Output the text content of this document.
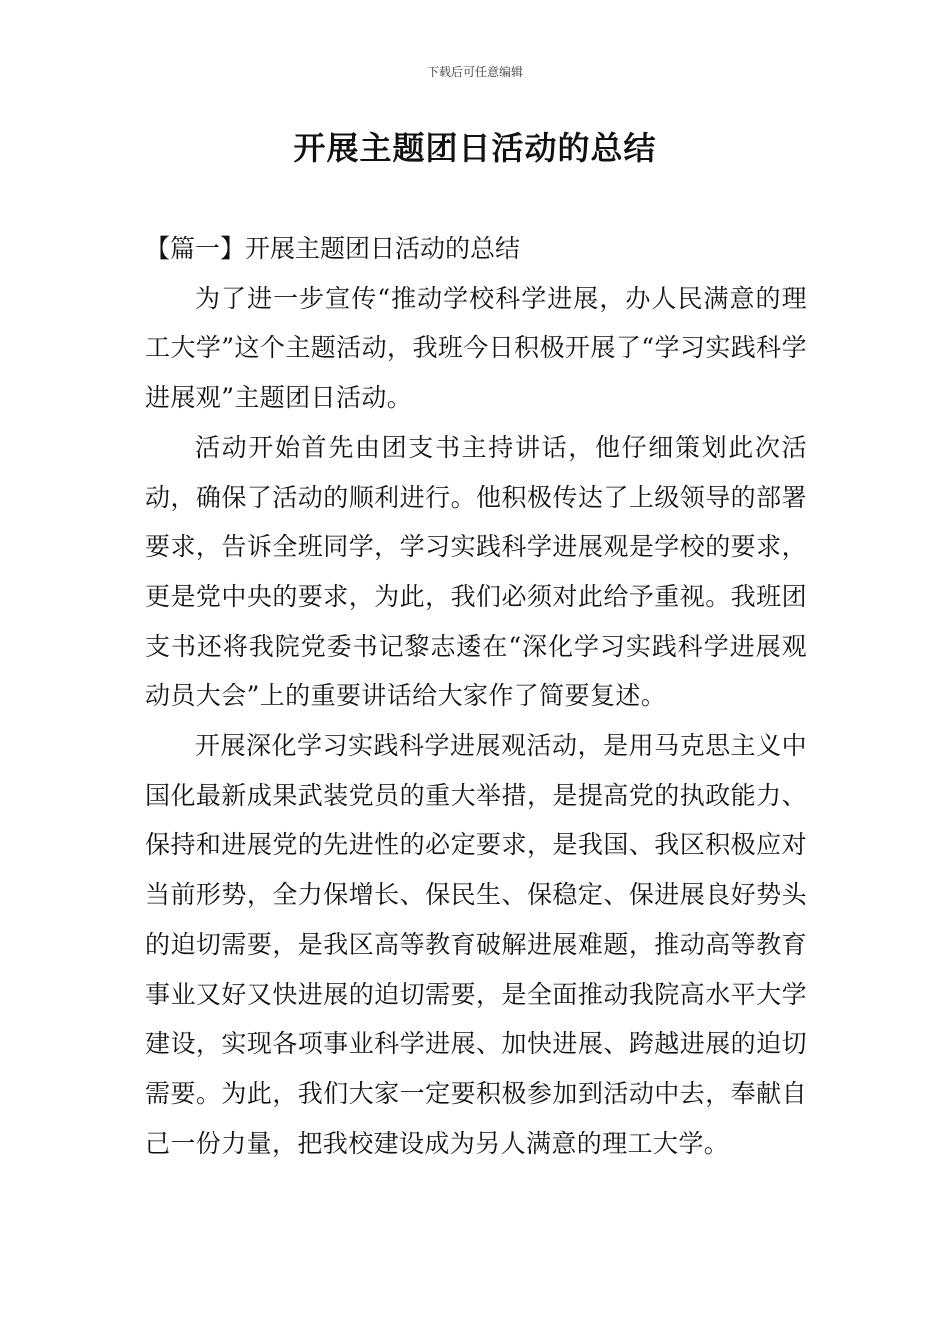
下载后可任意编辑
开展主题团日活动的总结

【篇一】开展主题团日活动的总结

为了进一步宣传“推动学校科学进展，办人民满意的理工大学”这个主题活动，我班今日积极开展了“学习实践科学进展观”主题团日活动。

活动开始首先由团支书主持讲话，他仔细策划此次活动，确保了活动的顺利进行。他积极传达了上级领导的部署要求，告诉全班同学，学习实践科学进展观是学校的要求，更是党中央的要求，为此，我们必须对此给予重视。我班团支书还将我院党委书记黎志逶在“深化学习实践科学进展观动员大会”上的重要讲话给大家作了简要复述。

开展深化学习实践科学进展观活动，是用马克思主义中国化最新成果武装党员的重大举措，是提高党的执政能力、保持和进展党的先进性的必定要求，是我国、我区积极应对当前形势，全力保增长、保民生、保稳定、保进展良好势头的迫切需要，是我区高等教育破解进展难题，推动高等教育事业又好又快进展的迫切需要，是全面推动我院高水平大学建设，实现各项事业科学进展、加快进展、跨越进展的迫切需要。为此，我们大家一定要积极参加到活动中去，奉献自己一份力量，把我校建设成为另人满意的理工大学。
